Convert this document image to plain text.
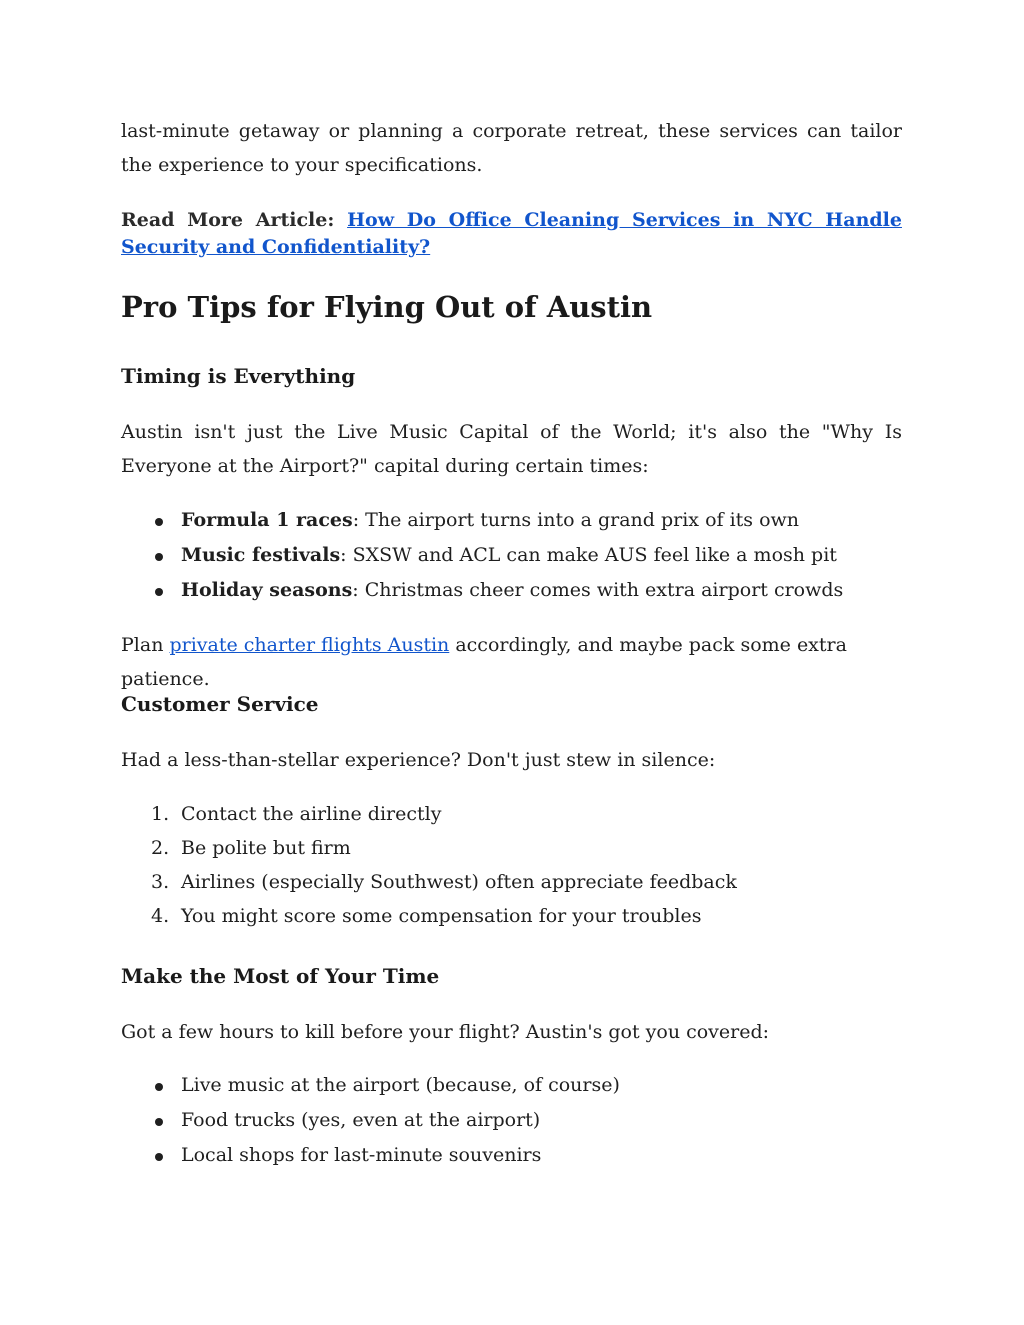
last-minute getaway or planning a corporate retreat, these services can tailor the experience to your specifications.

Read More Article: How Do Office Cleaning Services in NYC Handle Security and Confidentiality?

Pro Tips for Flying Out of Austin
Timing is Everything

Austin isn't just the Live Music Capital of the World; it's also the "Why Is Everyone at the Airport?" capital during certain times:

Formula 1 races: The airport turns into a grand prix of its own
Music festivals: SXSW and ACL can make AUS feel like a mosh pit
Holiday seasons: Christmas cheer comes with extra airport crowds

Plan private charter flights Austin accordingly, and maybe pack some extra patience.

Customer Service

Had a less-than-stellar experience? Don't just stew in silence:

1. Contact the airline directly
2. Be polite but firm
3. Airlines (especially Southwest) often appreciate feedback
4. You might score some compensation for your troubles
Make the Most of Your Time

Got a few hours to kill before your flight? Austin's got you covered:

Live music at the airport (because, of course)
Food trucks (yes, even at the airport)
Local shops for last-minute souvenirs
